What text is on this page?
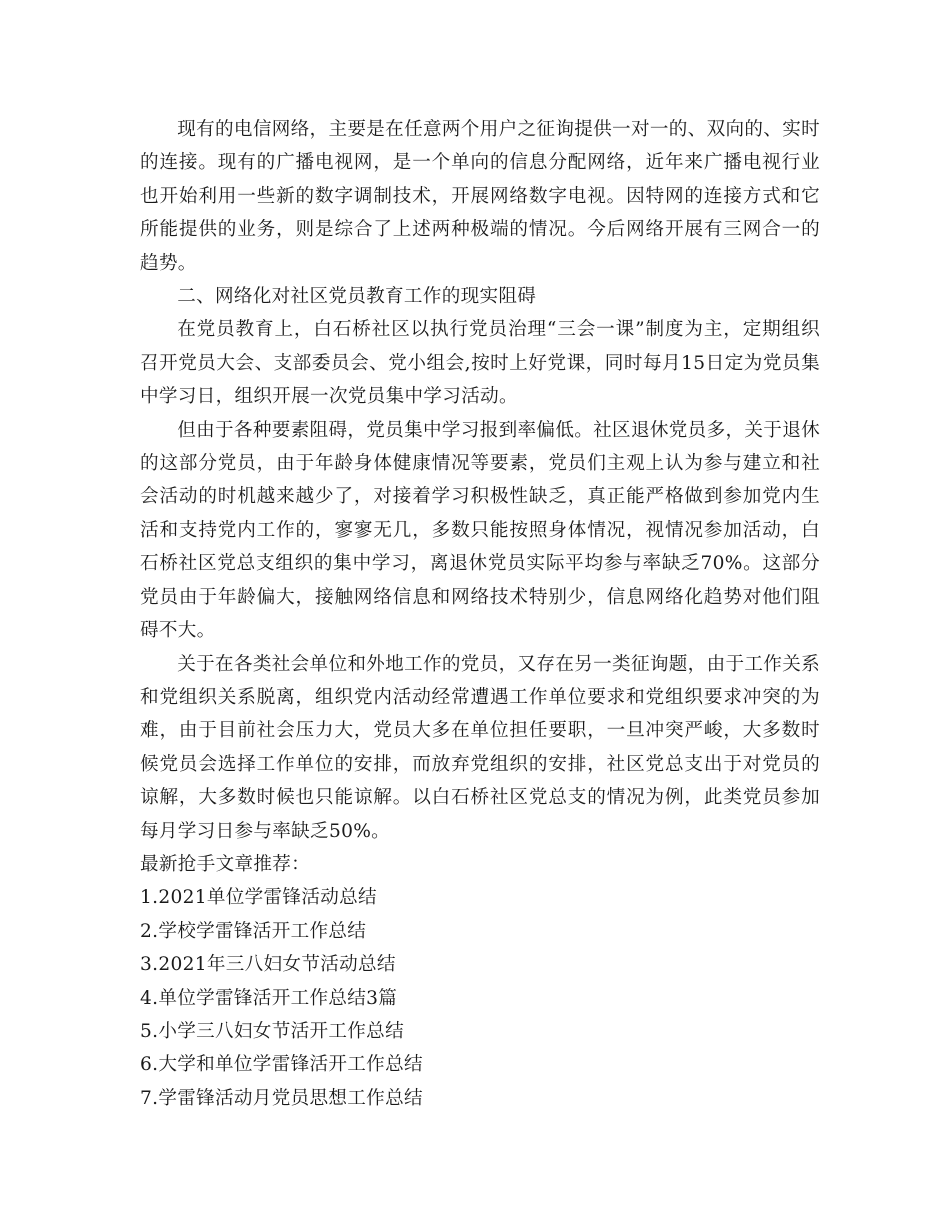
现有的电信网络，主要是在任意两个用户之征询提供一对一的、双向的、实时的连接。现有的广播电视网，是一个单向的信息分配网络，近年来广播电视行业也开始利用一些新的数字调制技术，开展网络数字电视。因特网的连接方式和它所能提供的业务，则是综合了上述两种极端的情况。今后网络开展有三网合一的趋势。

二、网络化对社区党员教育工作的现实阻碍

在党员教育上，白石桥社区以执行党员治理“三会一课”制度为主，定期组织召开党员大会、支部委员会、党小组会,按时上好党课，同时每月15日定为党员集中学习日，组织开展一次党员集中学习活动。

但由于各种要素阻碍，党员集中学习报到率偏低。社区退休党员多，关于退休的这部分党员，由于年龄身体健康情况等要素，党员们主观上认为参与建立和社会活动的时机越来越少了，对接着学习积极性缺乏，真正能严格做到参加党内生活和支持党内工作的，寥寥无几，多数只能按照身体情况，视情况参加活动，白石桥社区党总支组织的集中学习，离退休党员实际平均参与率缺乏70%。这部分党员由于年龄偏大，接触网络信息和网络技术特别少，信息网络化趋势对他们阻碍不大。

关于在各类社会单位和外地工作的党员，又存在另一类征询题，由于工作关系和党组织关系脱离，组织党内活动经常遭遇工作单位要求和党组织要求冲突的为难，由于目前社会压力大，党员大多在单位担任要职，一旦冲突严峻，大多数时候党员会选择工作单位的安排，而放弃党组织的安排，社区党总支出于对党员的谅解，大多数时候也只能谅解。以白石桥社区党总支的情况为例，此类党员参加每月学习日参与率缺乏50%。

最新抢手文章推荐：

1.2021单位学雷锋活动总结
2.学校学雷锋活开工作总结
3.2021年三八妇女节活动总结
4.单位学雷锋活开工作总结3篇
5.小学三八妇女节活开工作总结
6.大学和单位学雷锋活开工作总结
7.学雷锋活动月党员思想工作总结
